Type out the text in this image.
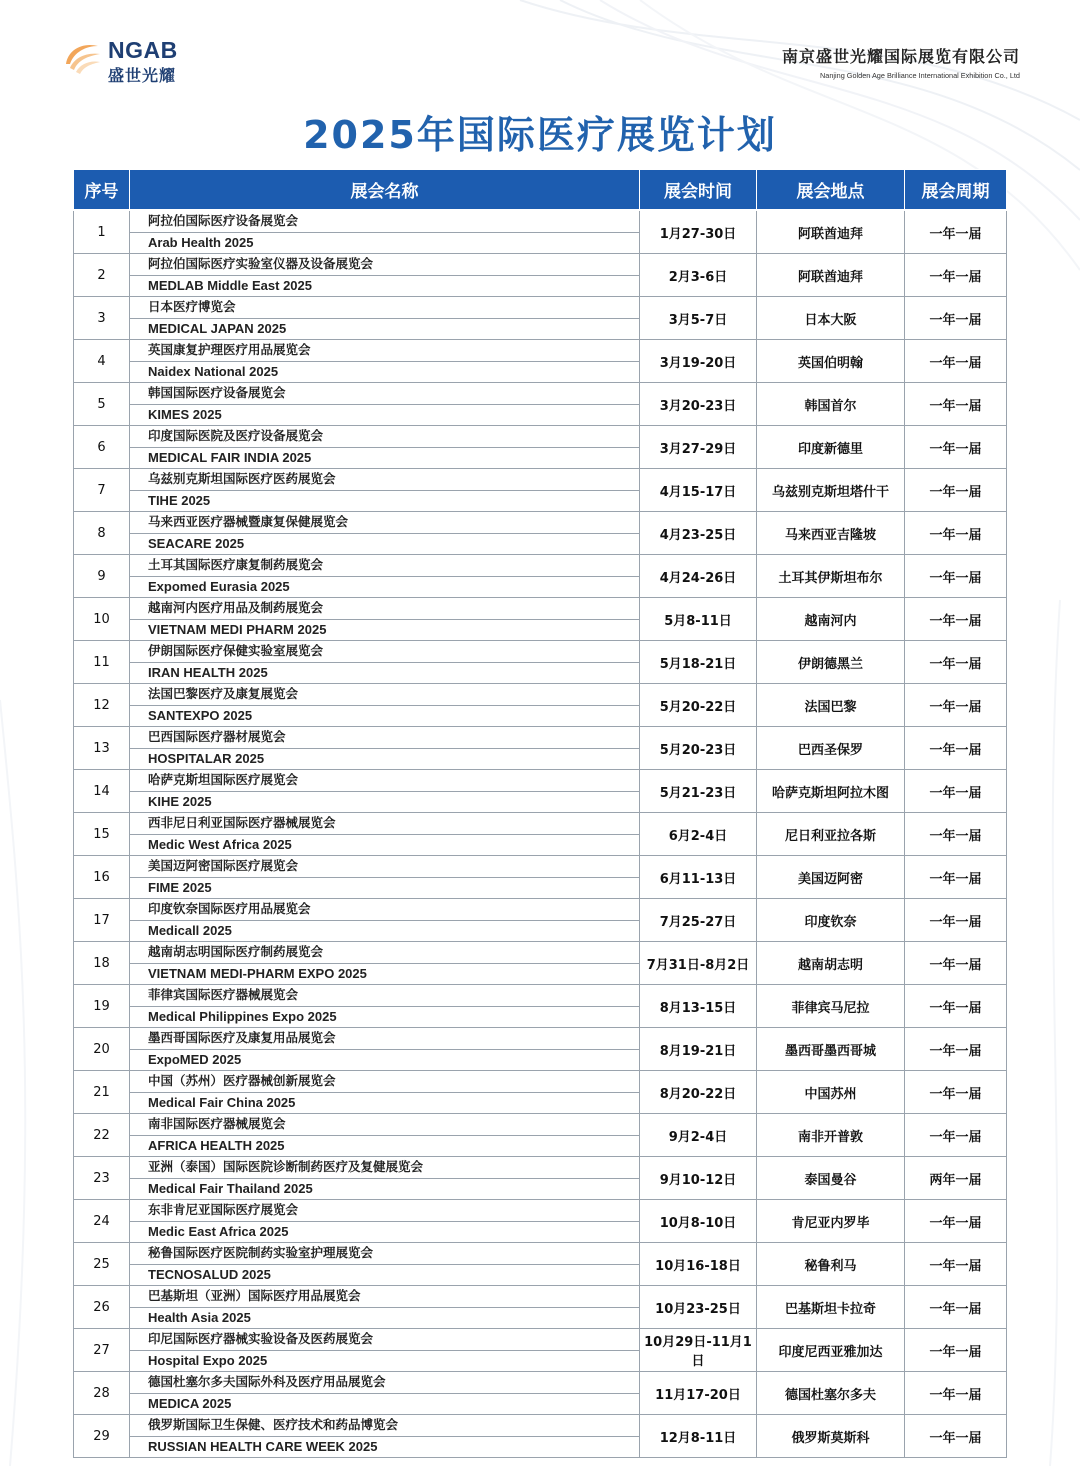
NGAB
盛世光耀
南京盛世光耀国际展览有限公司
Nanjing Golden Age Brilliance International Exhibition Co., Ltd
2025年国际医疗展览计划
序号	展会名称	展会时间	展会地点	展会周期
1	阿拉伯国际医疗设备展览会
Arab Health 2025	1月27-30日	阿联酋迪拜	一年一届
2	阿拉伯国际医疗实验室仪器及设备展览会
MEDLAB Middle East 2025	2月3-6日	阿联酋迪拜	一年一届
3	日本医疗博览会
MEDICAL JAPAN 2025	3月5-7日	日本大阪	一年一届
4	英国康复护理医疗用品展览会
Naidex National 2025	3月19-20日	英国伯明翰	一年一届
5	韩国国际医疗设备展览会
KIMES 2025	3月20-23日	韩国首尔	一年一届
6	印度国际医院及医疗设备展览会
MEDICAL FAIR INDIA 2025	3月27-29日	印度新德里	一年一届
7	乌兹别克斯坦国际医疗医药展览会
TIHE 2025	4月15-17日	乌兹别克斯坦塔什干	一年一届
8	马来西亚医疗器械暨康复保健展览会
SEACARE 2025	4月23-25日	马来西亚吉隆坡	一年一届
9	土耳其国际医疗康复制药展览会
Expomed Eurasia 2025	4月24-26日	土耳其伊斯坦布尔	一年一届
10	越南河内医疗用品及制药展览会
VIETNAM MEDI PHARM 2025	5月8-11日	越南河内	一年一届
11	伊朗国际医疗保健实验室展览会
IRAN HEALTH 2025	5月18-21日	伊朗德黑兰	一年一届
12	法国巴黎医疗及康复展览会
SANTEXPO 2025	5月20-22日	法国巴黎	一年一届
13	巴西国际医疗器材展览会
HOSPITALAR 2025	5月20-23日	巴西圣保罗	一年一届
14	哈萨克斯坦国际医疗展览会
KIHE 2025	5月21-23日	哈萨克斯坦阿拉木图	一年一届
15	西非尼日利亚国际医疗器械展览会
Medic West Africa 2025	6月2-4日	尼日利亚拉各斯	一年一届
16	美国迈阿密国际医疗展览会
FIME 2025	6月11-13日	美国迈阿密	一年一届
17	印度钦奈国际医疗用品展览会
Medicall 2025	7月25-27日	印度钦奈	一年一届
18	越南胡志明国际医疗制药展览会
VIETNAM MEDI-PHARM EXPO 2025	7月31日-8月2日	越南胡志明	一年一届
19	菲律宾国际医疗器械展览会
Medical Philippines Expo 2025	8月13-15日	菲律宾马尼拉	一年一届
20	墨西哥国际医疗及康复用品展览会
ExpoMED 2025	8月19-21日	墨西哥墨西哥城	一年一届
21	中国（苏州）医疗器械创新展览会
Medical Fair China 2025	8月20-22日	中国苏州	一年一届
22	南非国际医疗器械展览会
AFRICA HEALTH 2025	9月2-4日	南非开普敦	一年一届
23	亚洲（泰国）国际医院诊断制药医疗及复健展览会
Medical Fair Thailand 2025	9月10-12日	泰国曼谷	两年一届
24	东非肯尼亚国际医疗展览会
Medic East Africa 2025	10月8-10日	肯尼亚内罗毕	一年一届
25	秘鲁国际医疗医院制药实验室护理展览会
TECNOSALUD 2025	10月16-18日	秘鲁利马	一年一届
26	巴基斯坦（亚洲）国际医疗用品展览会
Health Asia 2025	10月23-25日	巴基斯坦卡拉奇	一年一届
27	印尼国际医疗器械实验设备及医药展览会
Hospital Expo 2025	10月29日-11月1日	印度尼西亚雅加达	一年一届
28	德国杜塞尔多夫国际外科及医疗用品展览会
MEDICA 2025	11月17-20日	德国杜塞尔多夫	一年一届
29	俄罗斯国际卫生保健、医疗技术和药品博览会
RUSSIAN HEALTH CARE WEEK 2025	12月8-11日	俄罗斯莫斯科	一年一届
